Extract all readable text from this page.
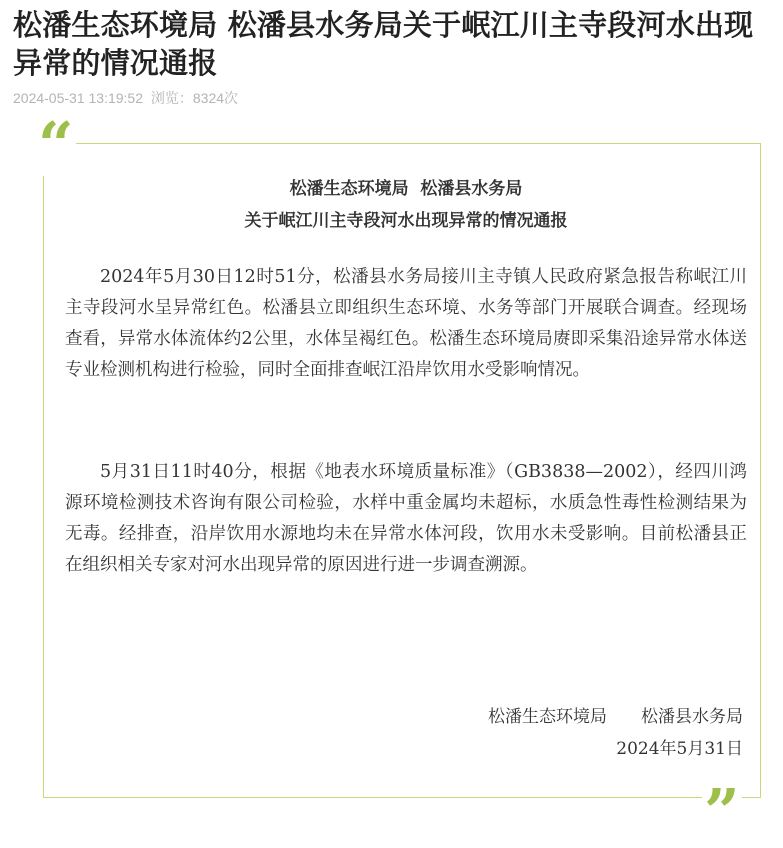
松潘生态环境局 松潘县水务局关于岷江川主寺段河水出现异常的情况通报
2024-05-31 13:19:52 浏览：8324次
“
松潘生态环境局  松潘县水务局
关于岷江川主寺段河水出现异常的情况通报

2024年5月30日12时51分，松潘县水务局接川主寺镇人民政府紧急报告称岷江川主寺段河水呈异常红色。松潘县立即组织生态环境、水务等部门开展联合调查。经现场查看，异常水体流体约2公里，水体呈褐红色。松潘生态环境局赓即采集沿途异常水体送专业检测机构进行检验，同时全面排查岷江沿岸饮用水受影响情况。

5月31日11时40分，根据《地表水环境质量标准》（GB3838—2002），经四川鸿源环境检测技术咨询有限公司检验，水样中重金属均未超标，水质急性毒性检测结果为无毒。经排查，沿岸饮用水源地均未在异常水体河段，饮用水未受影响。目前松潘县正在组织相关专家对河水出现异常的原因进行进一步调查溯源。

松潘生态环境局 松潘县水务局
2024年5月31日
”
